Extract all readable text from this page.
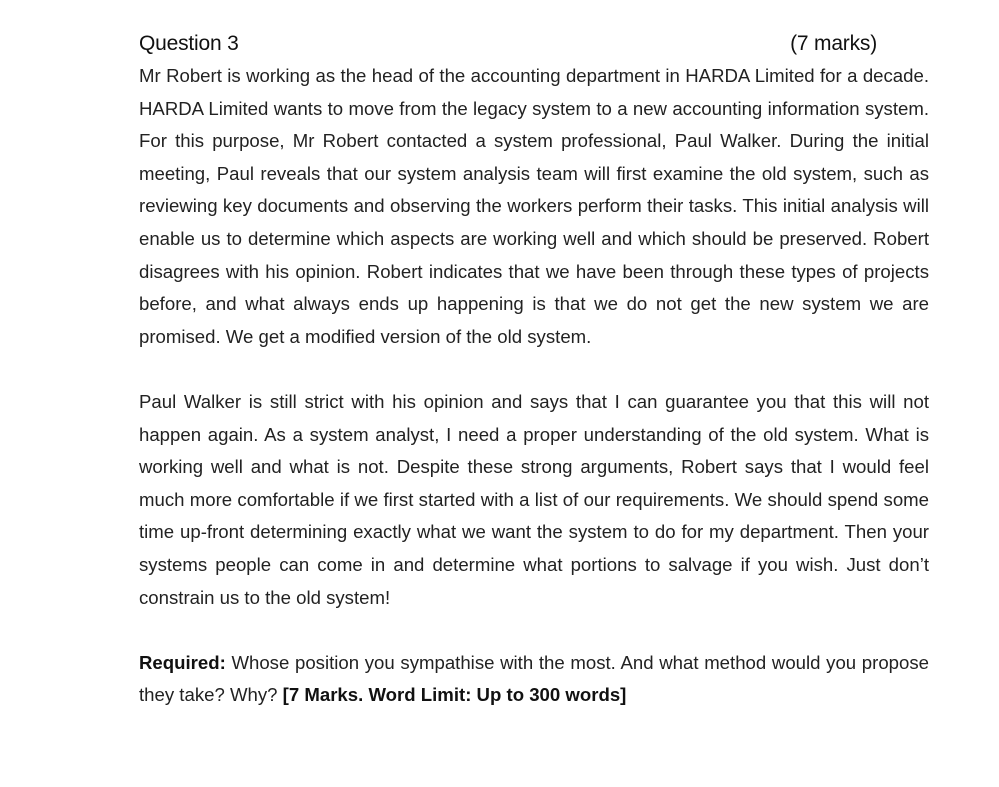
Question 3	(7 marks)

Mr Robert is working as the head of the accounting department in HARDA Limited for a decade. HARDA Limited wants to move from the legacy system to a new accounting information system. For this purpose, Mr Robert contacted a system professional, Paul Walker. During the initial meeting, Paul reveals that our system analysis team will first examine the old system, such as reviewing key documents and observing the workers perform their tasks. This initial analysis will enable us to determine which aspects are working well and which should be preserved. Robert disagrees with his opinion. Robert indicates that we have been through these types of projects before, and what always ends up happening is that we do not get the new system we are promised. We get a modified version of the old system.

Paul Walker is still strict with his opinion and says that I can guarantee you that this will not happen again. As a system analyst, I need a proper understanding of the old system. What is working well and what is not. Despite these strong arguments, Robert says that I would feel much more comfortable if we first started with a list of our requirements. We should spend some time up-front determining exactly what we want the system to do for my department. Then your systems people can come in and determine what portions to salvage if you wish. Just don’t constrain us to the old system!

Required: Whose position you sympathise with the most. And what method would you propose they take? Why? [7 Marks. Word Limit: Up to 300 words]
